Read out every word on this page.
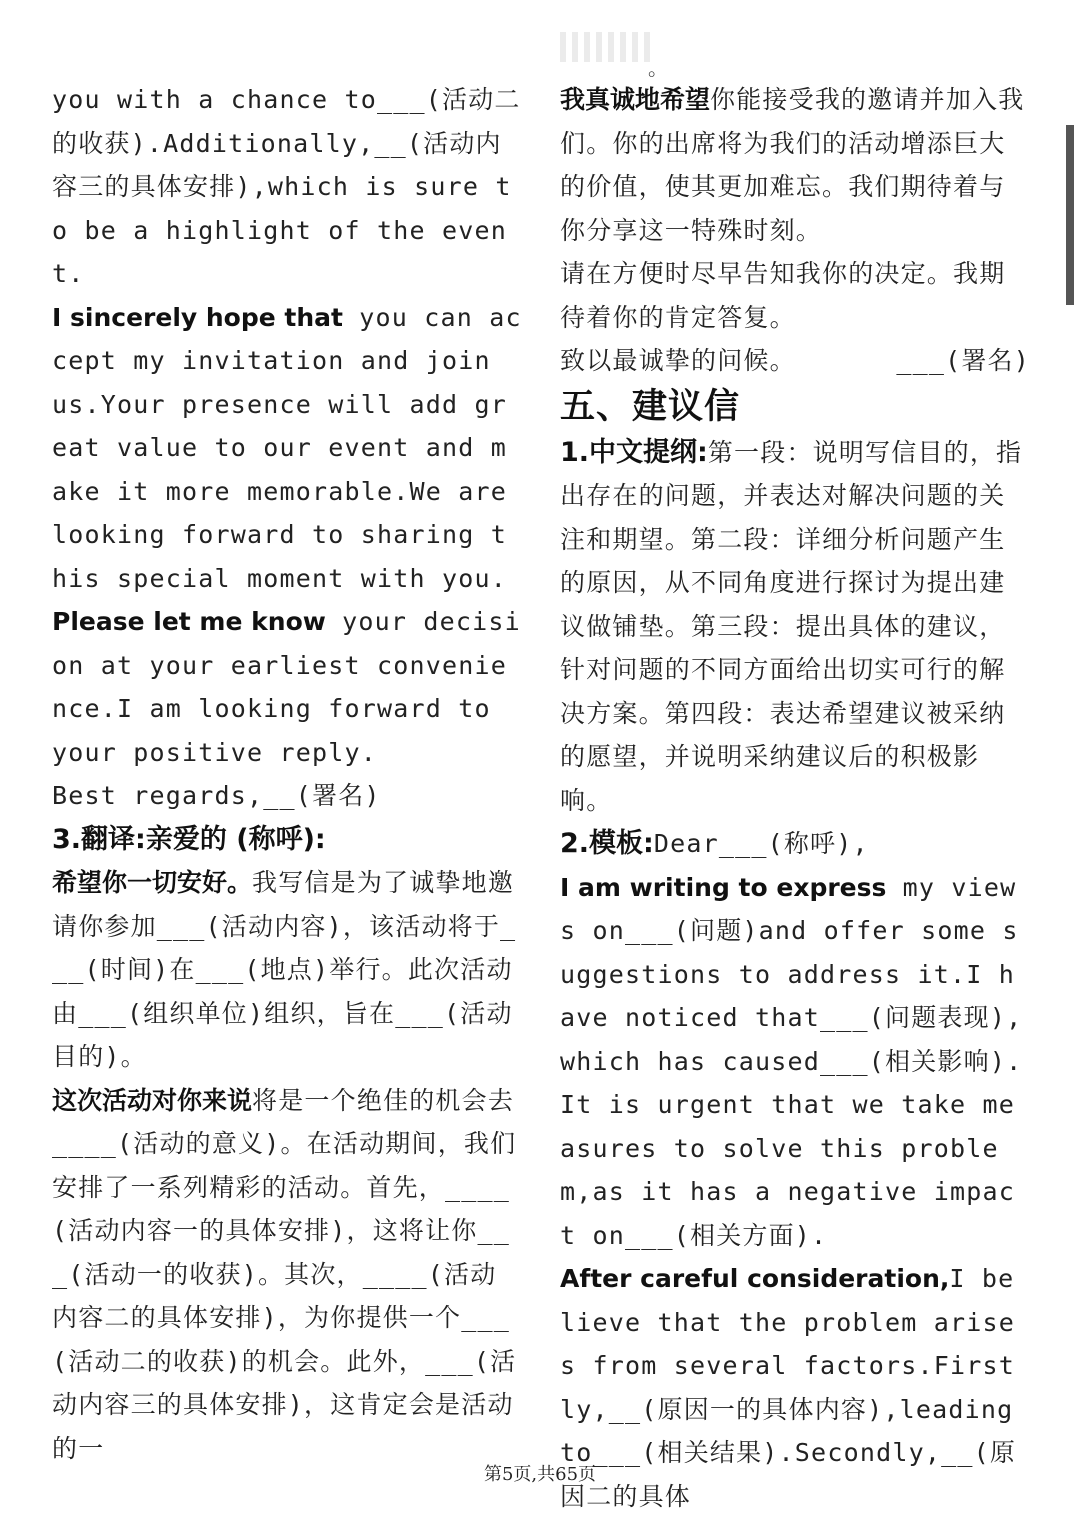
。

you with a chance to___(活动二的收获).Additionally,__(活动内容三的具体安排),which is sure to be a highlight of the event.

I sincerely hope that you can accept my invitation and join us.Your presence will add great value to our event and make it more memorable.We are looking forward to sharing this special moment with you.

Please let me know your decision at your earliest convenience.I am looking forward to your positive reply.

Best regards,__(署名)

3.翻译:亲爱的 (称呼):

希望你一切安好。我写信是为了诚挚地邀请你参加___(活动内容)，该活动将于___(时间)在___(地点)举行。此次活动由___(组织单位)组织，旨在___(活动目的)。

这次活动对你来说将是一个绝佳的机会去____(活动的意义)。在活动期间，我们安排了一系列精彩的活动。首先，____(活动内容一的具体安排)，这将让你___(活动一的收获)。其次，____(活动内容二的具体安排)，为你提供一个___(活动二的收获)的机会。此外，___(活动内容三的具体安排)，这肯定会是活动的一

我真诚地希望你能接受我的邀请并加入我们。你的出席将为我们的活动增添巨大的价值，使其更加难忘。我们期待着与你分享这一特殊时刻。

请在方便时尽早告知我你的决定。我期待着你的肯定答复。

致以最诚挚的问候。	___(署名)

五、建议信

1.中文提纲:第一段：说明写信目的，指出存在的问题，并表达对解决问题的关注和期望。第二段：详细分析问题产生的原因，从不同角度进行探讨为提出建议做铺垫。第三段：提出具体的建议，针对问题的不同方面给出切实可行的解决方案。第四段：表达希望建议被采纳的愿望，并说明采纳建议后的积极影响。

2.模板:Dear___(称呼),

I am writing to express my views on___(问题)and offer some suggestions to address it.I have noticed that___(问题表现),which has caused___(相关影响).It is urgent that we take measures to solve this problem,as it has a negative impact on___(相关方面).

After careful consideration,I believe that the problem arises from several factors.Firstly,__(原因一的具体内容),leading to___(相关结果).Secondly,__(原因二的具体

第5页,共65页
